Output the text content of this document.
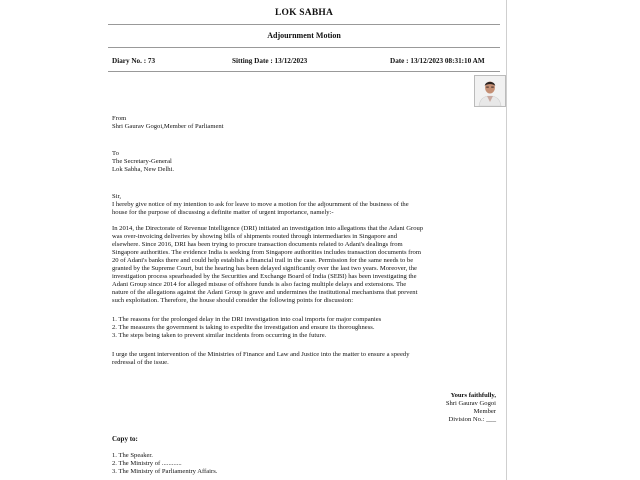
LOK SABHA
Adjournment Motion
Diary No. : 73	Sitting Date : 13/12/2023	Date : 13/12/2023 08:31:10 AM
From
Shri Gaurav Gogoi,Member of Parliament
To
The Secretary-General
Lok Sabha, New Delhi.
Sir,
I hereby give notice of my intention to ask for leave to move a motion for the adjournment of the business of the
house for the purpose of discussing a definite matter of urgent importance, namely:-
In 2014, the Directorate of Revenue Intelligence (DRI) initiated an investigation into allegations that the Adani Group
was over-invoicing deliveries by showing bills of shipments routed through intermediaries in Singapore and
elsewhere. Since 2016, DRI has been trying to procure transaction documents related to Adani's dealings from
Singapore authorities. The evidence India is seeking from Singapore authorities includes transaction documents from
20 of Adani's banks there and could help establish a financial trail in the case. Permission for the same needs to be
granted by the Supreme Court, but the hearing has been delayed significantly over the last two years. Moreover, the
investigation process spearheaded by the Securities and Exchange Board of India (SEBI) has been investigating the
Adani Group since 2014 for alleged misuse of offshore funds is also facing multiple delays and extensions. The
nature of the allegations against the Adani Group is grave and undermines the institutional mechanisms that prevent
such exploitation. Therefore, the house should consider the following points for discussion:
1. The reasons for the prolonged delay in the DRI investigation into coal imports for major companies
2. The measures the government is taking to expedite the investigation and ensure its thoroughness.
3. The steps being taken to prevent similar incidents from occurring in the future.
I urge the urgent intervention of the Ministries of Finance and Law and Justice into the matter to ensure a speedy
redressal of the issue.
Yours faithfully,
Shri Gaurav Gogoi
Member
Division No.: ___
Copy to:
1. The Speaker.
2. The Ministry of ............
3. The Ministry of Parliamentry Affairs.
